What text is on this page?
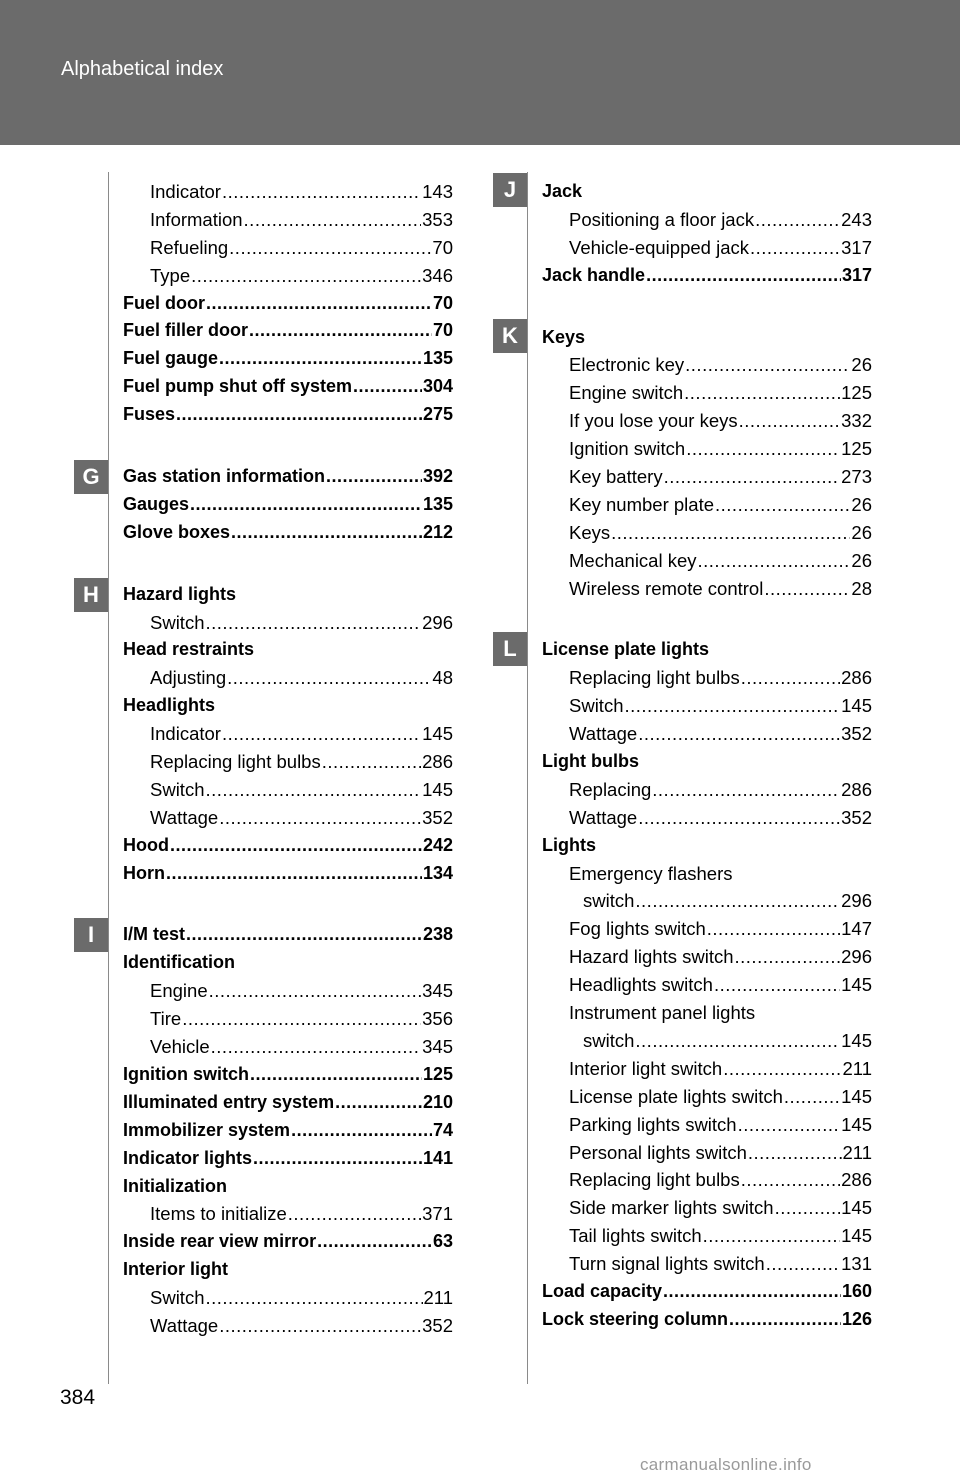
Alphabetical index
G
H
I
J
K
L
Indicator .....	143
Information .....	353
Refueling .....	70
Type .....	346
Fuel door .....	70
Fuel filler door .....	70
Fuel gauge .....	135
Fuel pump shut off system .....	304
Fuses .....	275
Gas station information .....	392
Gauges .....	135
Glove boxes .....	212
Hazard lights
Switch .....	296
Head restraints
Adjusting .....	48
Headlights
Indicator .....	145
Replacing light bulbs .....	286
Switch .....	145
Wattage .....	352
Hood .....	242
Horn .....	134
I/M test .....	238
Identification
Engine .....	345
Tire .....	356
Vehicle .....	345
Ignition switch .....	125
Illuminated entry system .....	210
Immobilizer system .....	74
Indicator lights .....	141
Initialization
Items to initialize .....	371
Inside rear view mirror .....	63
Interior light
Switch .....	211
Wattage .....	352
Jack
Positioning a floor jack .....	243
Vehicle-equipped jack .....	317
Jack handle .....	317
Keys
Electronic key .....	26
Engine switch .....	125
If you lose your keys .....	332
Ignition switch .....	125
Key battery .....	273
Key number plate .....	26
Keys .....	26
Mechanical key .....	26
Wireless remote control .....	28
License plate lights
Replacing light bulbs .....	286
Switch .....	145
Wattage .....	352
Light bulbs
Replacing .....	286
Wattage .....	352
Lights
Emergency flashers
switch .....	296
Fog lights switch .....	147
Hazard lights switch .....	296
Headlights switch .....	145
Instrument panel lights
switch .....	145
Interior light switch .....	211
License plate lights switch .....	145
Parking lights switch .....	145
Personal lights switch .....	211
Replacing light bulbs .....	286
Side marker lights switch .....	145
Tail lights switch .....	145
Turn signal lights switch .....	131
Load capacity .....	160
Lock steering column .....	126
384
carmanualsonline.info
